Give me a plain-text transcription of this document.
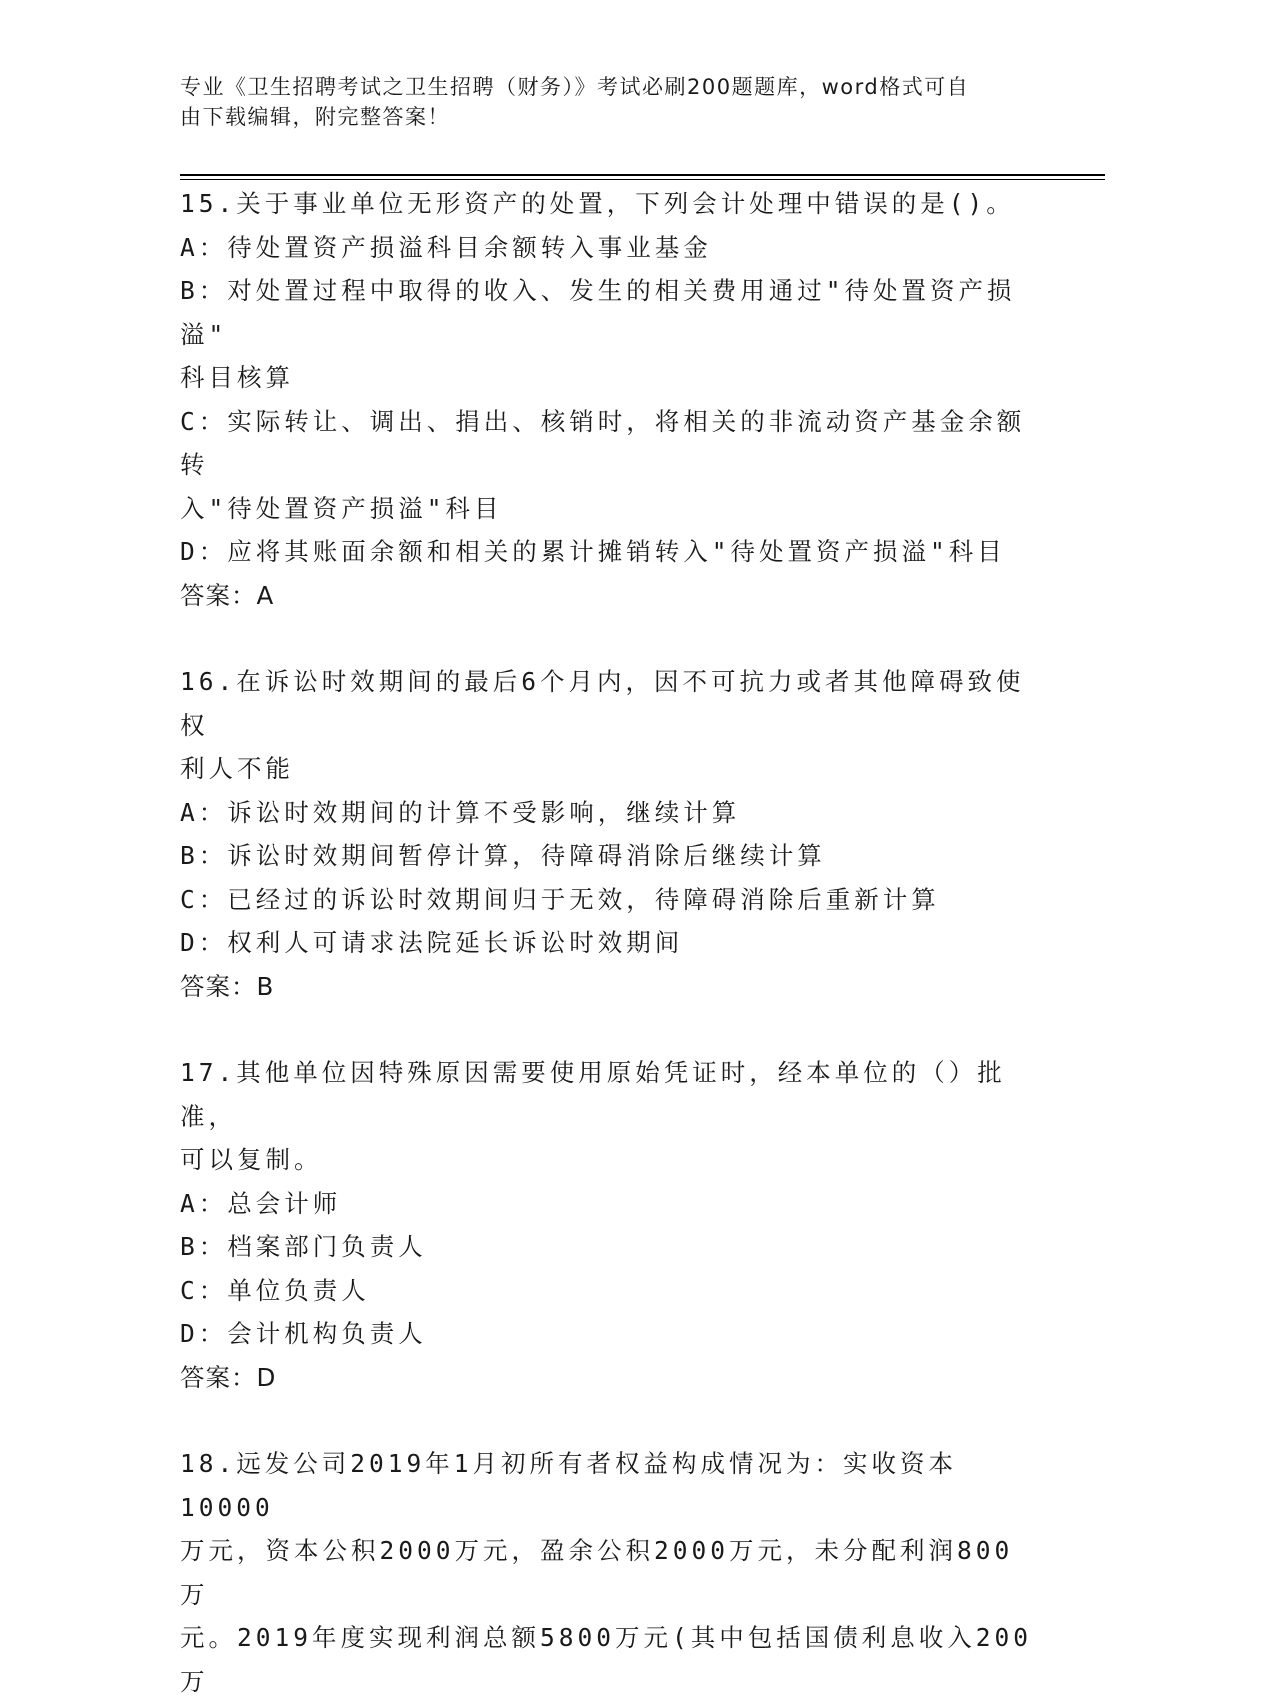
专业《卫生招聘考试之卫生招聘（财务）》考试必刷200题题库，word格式可自
由下载编辑，附完整答案！

15.关于事业单位无形资产的处置，下列会计处理中错误的是()。

A：待处置资产损溢科目余额转入事业基金

B：对处置过程中取得的收入、发生的相关费用通过"待处置资产损溢"

科目核算

C：实际转让、调出、捐出、核销时，将相关的非流动资产基金余额转

入"待处置资产损溢"科目

D：应将其账面余额和相关的累计摊销转入"待处置资产损溢"科目

答案：A

16.在诉讼时效期间的最后6个月内，因不可抗力或者其他障碍致使权

利人不能

A：诉讼时效期间的计算不受影响，继续计算

B：诉讼时效期间暂停计算，待障碍消除后继续计算

C：已经过的诉讼时效期间归于无效，待障碍消除后重新计算

D：权利人可请求法院延长诉讼时效期间

答案：B

17.其他单位因特殊原因需要使用原始凭证时，经本单位的（）批准，

可以复制。

A：总会计师

B：档案部门负责人

C：单位负责人

D：会计机构负责人

答案：D

18.远发公司2019年1月初所有者权益构成情况为：实收资本10000

万元，资本公积2000万元，盈余公积2000万元，未分配利润800万

元。2019年度实现利润总额5800万元(其中包括国债利息收入200万
